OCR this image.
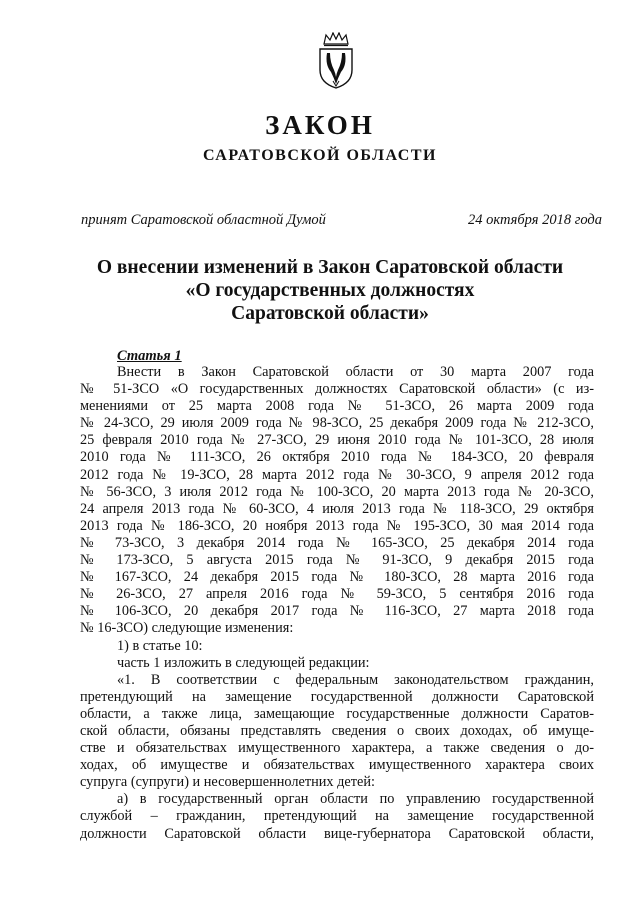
ЗАКОН
САРАТОВСКОЙ ОБЛАСТИ
принят Саратовской областной Думой	24 октября 2018 года
О внесении изменений в Закон Саратовской области
«О государственных должностях
Саратовской области»
Статья 1
Внести в Закон Саратовской области от 30 марта 2007 года
№ 51-ЗСО «О государственных должностях Саратовской области» (с из-
менениями от 25 марта 2008 года № 51-ЗСО, 26 марта 2009 года
№ 24-ЗСО, 29 июля 2009 года № 98-ЗСО, 25 декабря 2009 года № 212-ЗСО,
25 февраля 2010 года № 27-ЗСО, 29 июня 2010 года № 101-ЗСО, 28 июля
2010 года № 111-ЗСО, 26 октября 2010 года № 184-ЗСО, 20 февраля
2012 года № 19-ЗСО, 28 марта 2012 года № 30-ЗСО, 9 апреля 2012 года
№ 56-ЗСО, 3 июля 2012 года № 100-ЗСО, 20 марта 2013 года № 20-ЗСО,
24 апреля 2013 года № 60-ЗСО, 4 июля 2013 года № 118-ЗСО, 29 октября
2013 года № 186-ЗСО, 20 ноября 2013 года № 195-ЗСО, 30 мая 2014 года
№ 73-ЗСО, 3 декабря 2014 года № 165-ЗСО, 25 декабря 2014 года
№ 173-ЗСО, 5 августа 2015 года № 91-ЗСО, 9 декабря 2015 года
№ 167-ЗСО, 24 декабря 2015 года № 180-ЗСО, 28 марта 2016 года
№ 26-ЗСО, 27 апреля 2016 года № 59-ЗСО, 5 сентября 2016 года
№ 106-ЗСО, 20 декабря 2017 года № 116-ЗСО, 27 марта 2018 года
№ 16-ЗСО) следующие изменения:
1) в статье 10:
часть 1 изложить в следующей редакции:
«1. В соответствии с федеральным законодательством гражданин,
претендующий на замещение государственной должности Саратовской
области, а также лица, замещающие государственные должности Саратов-
ской области, обязаны представлять сведения о своих доходах, об имуще-
стве и обязательствах имущественного характера, а также сведения о до-
ходах, об имуществе и обязательствах имущественного характера своих
супруга (супруги) и несовершеннолетних детей:
а) в государственный орган области по управлению государственной
службой – гражданин, претендующий на замещение государственной
должности Саратовской области вице-губернатора Саратовской области,
